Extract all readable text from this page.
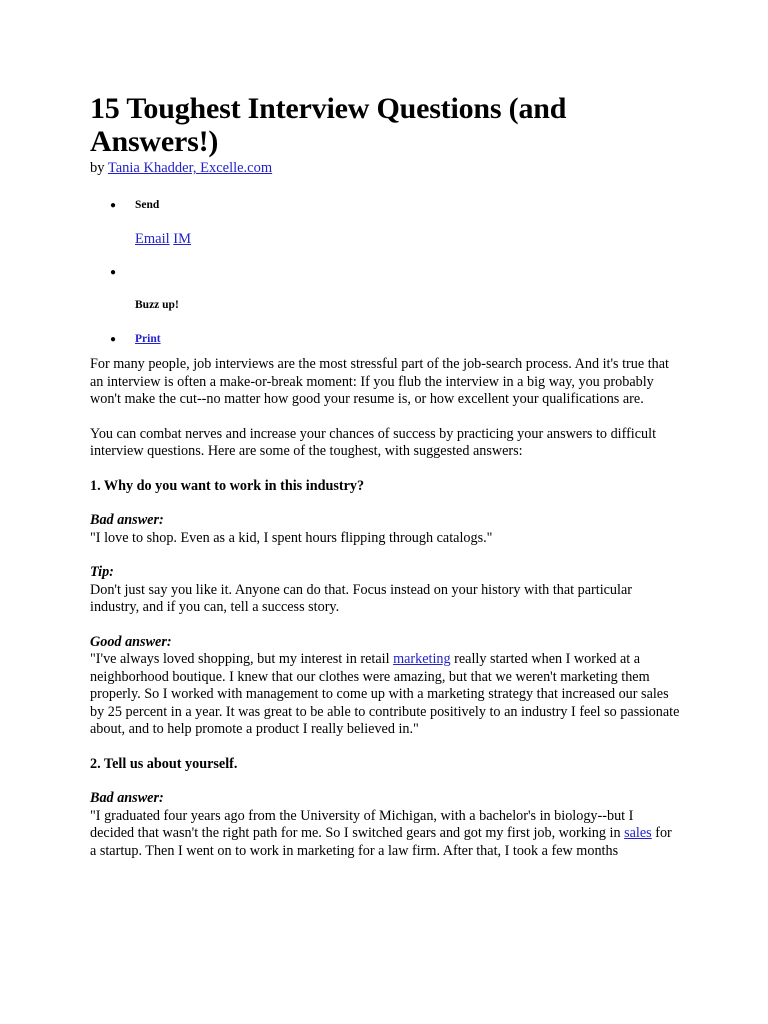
15 Toughest Interview Questions (and Answers!)
by Tania Khadder, Excelle.com
● Send
Email IM
●
Buzz up!
● Print

For many people, job interviews are the most stressful part of the job-search process. And it's true that an interview is often a make-or-break moment: If you flub the interview in a big way, you probably won't make the cut--no matter how good your resume is, or how excellent your qualifications are.

You can combat nerves and increase your chances of success by practicing your answers to difficult interview questions. Here are some of the toughest, with suggested answers:

1. Why do you want to work in this industry?

Bad answer:

"I love to shop. Even as a kid, I spent hours flipping through catalogs."

Tip:

Don't just say you like it. Anyone can do that. Focus instead on your history with that particular industry, and if you can, tell a success story.

Good answer:

"I've always loved shopping, but my interest in retail marketing really started when I worked at a neighborhood boutique. I knew that our clothes were amazing, but that we weren't marketing them properly. So I worked with management to come up with a marketing strategy that increased our sales by 25 percent in a year. It was great to be able to contribute positively to an industry I feel so passionate about, and to help promote a product I really believed in."

2. Tell us about yourself.

Bad answer:

"I graduated four years ago from the University of Michigan, with a bachelor's in biology--but I decided that wasn't the right path for me. So I switched gears and got my first job, working in sales for a startup. Then I went on to work in marketing for a law firm. After that, I took a few months
